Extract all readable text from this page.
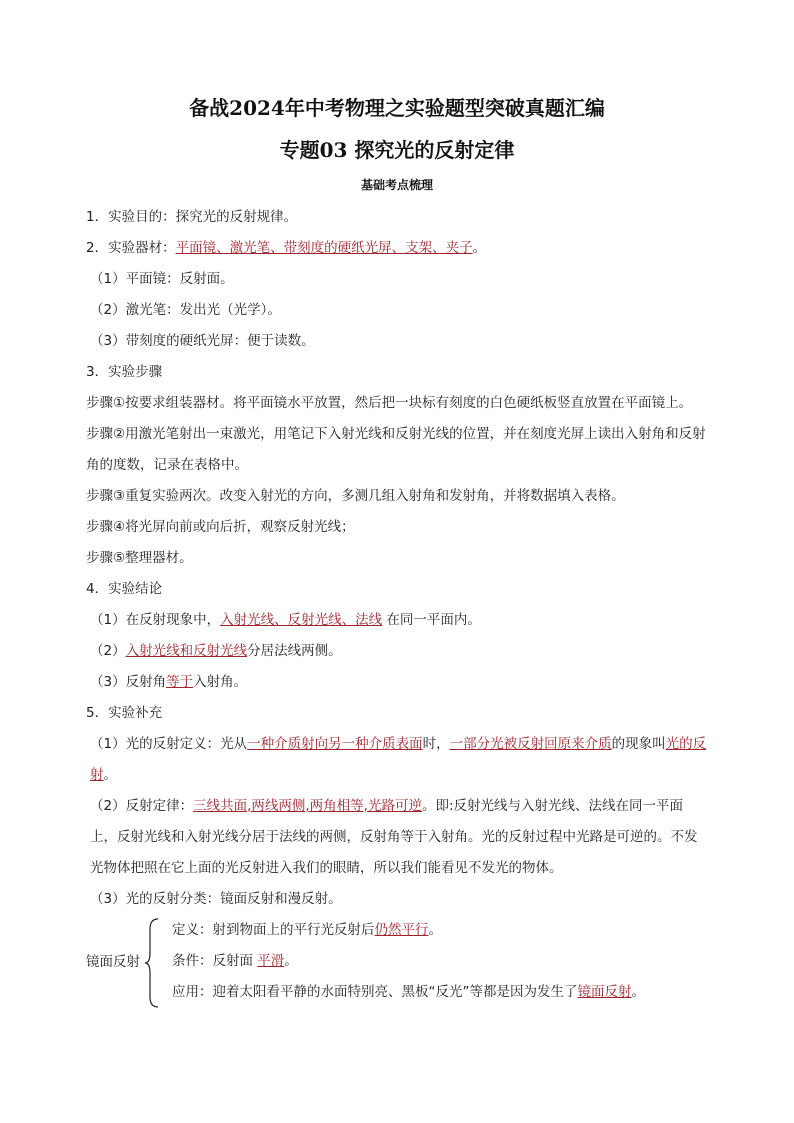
备战2024年中考物理之实验题型突破真题汇编
专题03 探究光的反射定律
基础考点梳理
1．实验目的：探究光的反射规律。
2．实验器材：平面镜、激光笔、带刻度的硬纸光屏、支架、夹子。
（1）平面镜：反射面。
（2）激光笔：发出光（光学）。
（3）带刻度的硬纸光屏：便于读数。
3．实验步骤
步骤①按要求组装器材。将平面镜水平放置，然后把一块标有刻度的白色硬纸板竖直放置在平面镜上。
步骤②用激光笔射出一束激光，用笔记下入射光线和反射光线的位置，并在刻度光屏上读出入射角和反射角的度数，记录在表格中。
步骤③重复实验两次。改变入射光的方向，多测几组入射角和发射角，并将数据填入表格。
步骤④将光屏向前或向后折，观察反射光线；
步骤⑤整理器材。
4．实验结论
（1）在反射现象中，入射光线、反射光线、法线 在同一平面内。
（2）入射光线和反射光线分居法线两侧。
（3）反射角等于入射角。
5．实验补充
（1）光的反射定义：光从一种介质射向另一种介质表面时，一部分光被反射回原来介质的现象叫光的反射。
（2）反射定律：三线共面,两线两侧,两角相等,光路可逆。即:反射光线与入射光线、法线在同一平面上，反射光线和入射光线分居于法线的两侧，反射角等于入射角。光的反射过程中光路是可逆的。不发光物体把照在它上面的光反射进入我们的眼睛，所以我们能看见不发光的物体。
（3）光的反射分类：镜面反射和漫反射。
镜面反射
定义：射到物面上的平行光反射后仍然平行。
条件：反射面 平滑。
应用：迎着太阳看平静的水面特别亮、黑板“反光”等都是因为发生了镜面反射。
